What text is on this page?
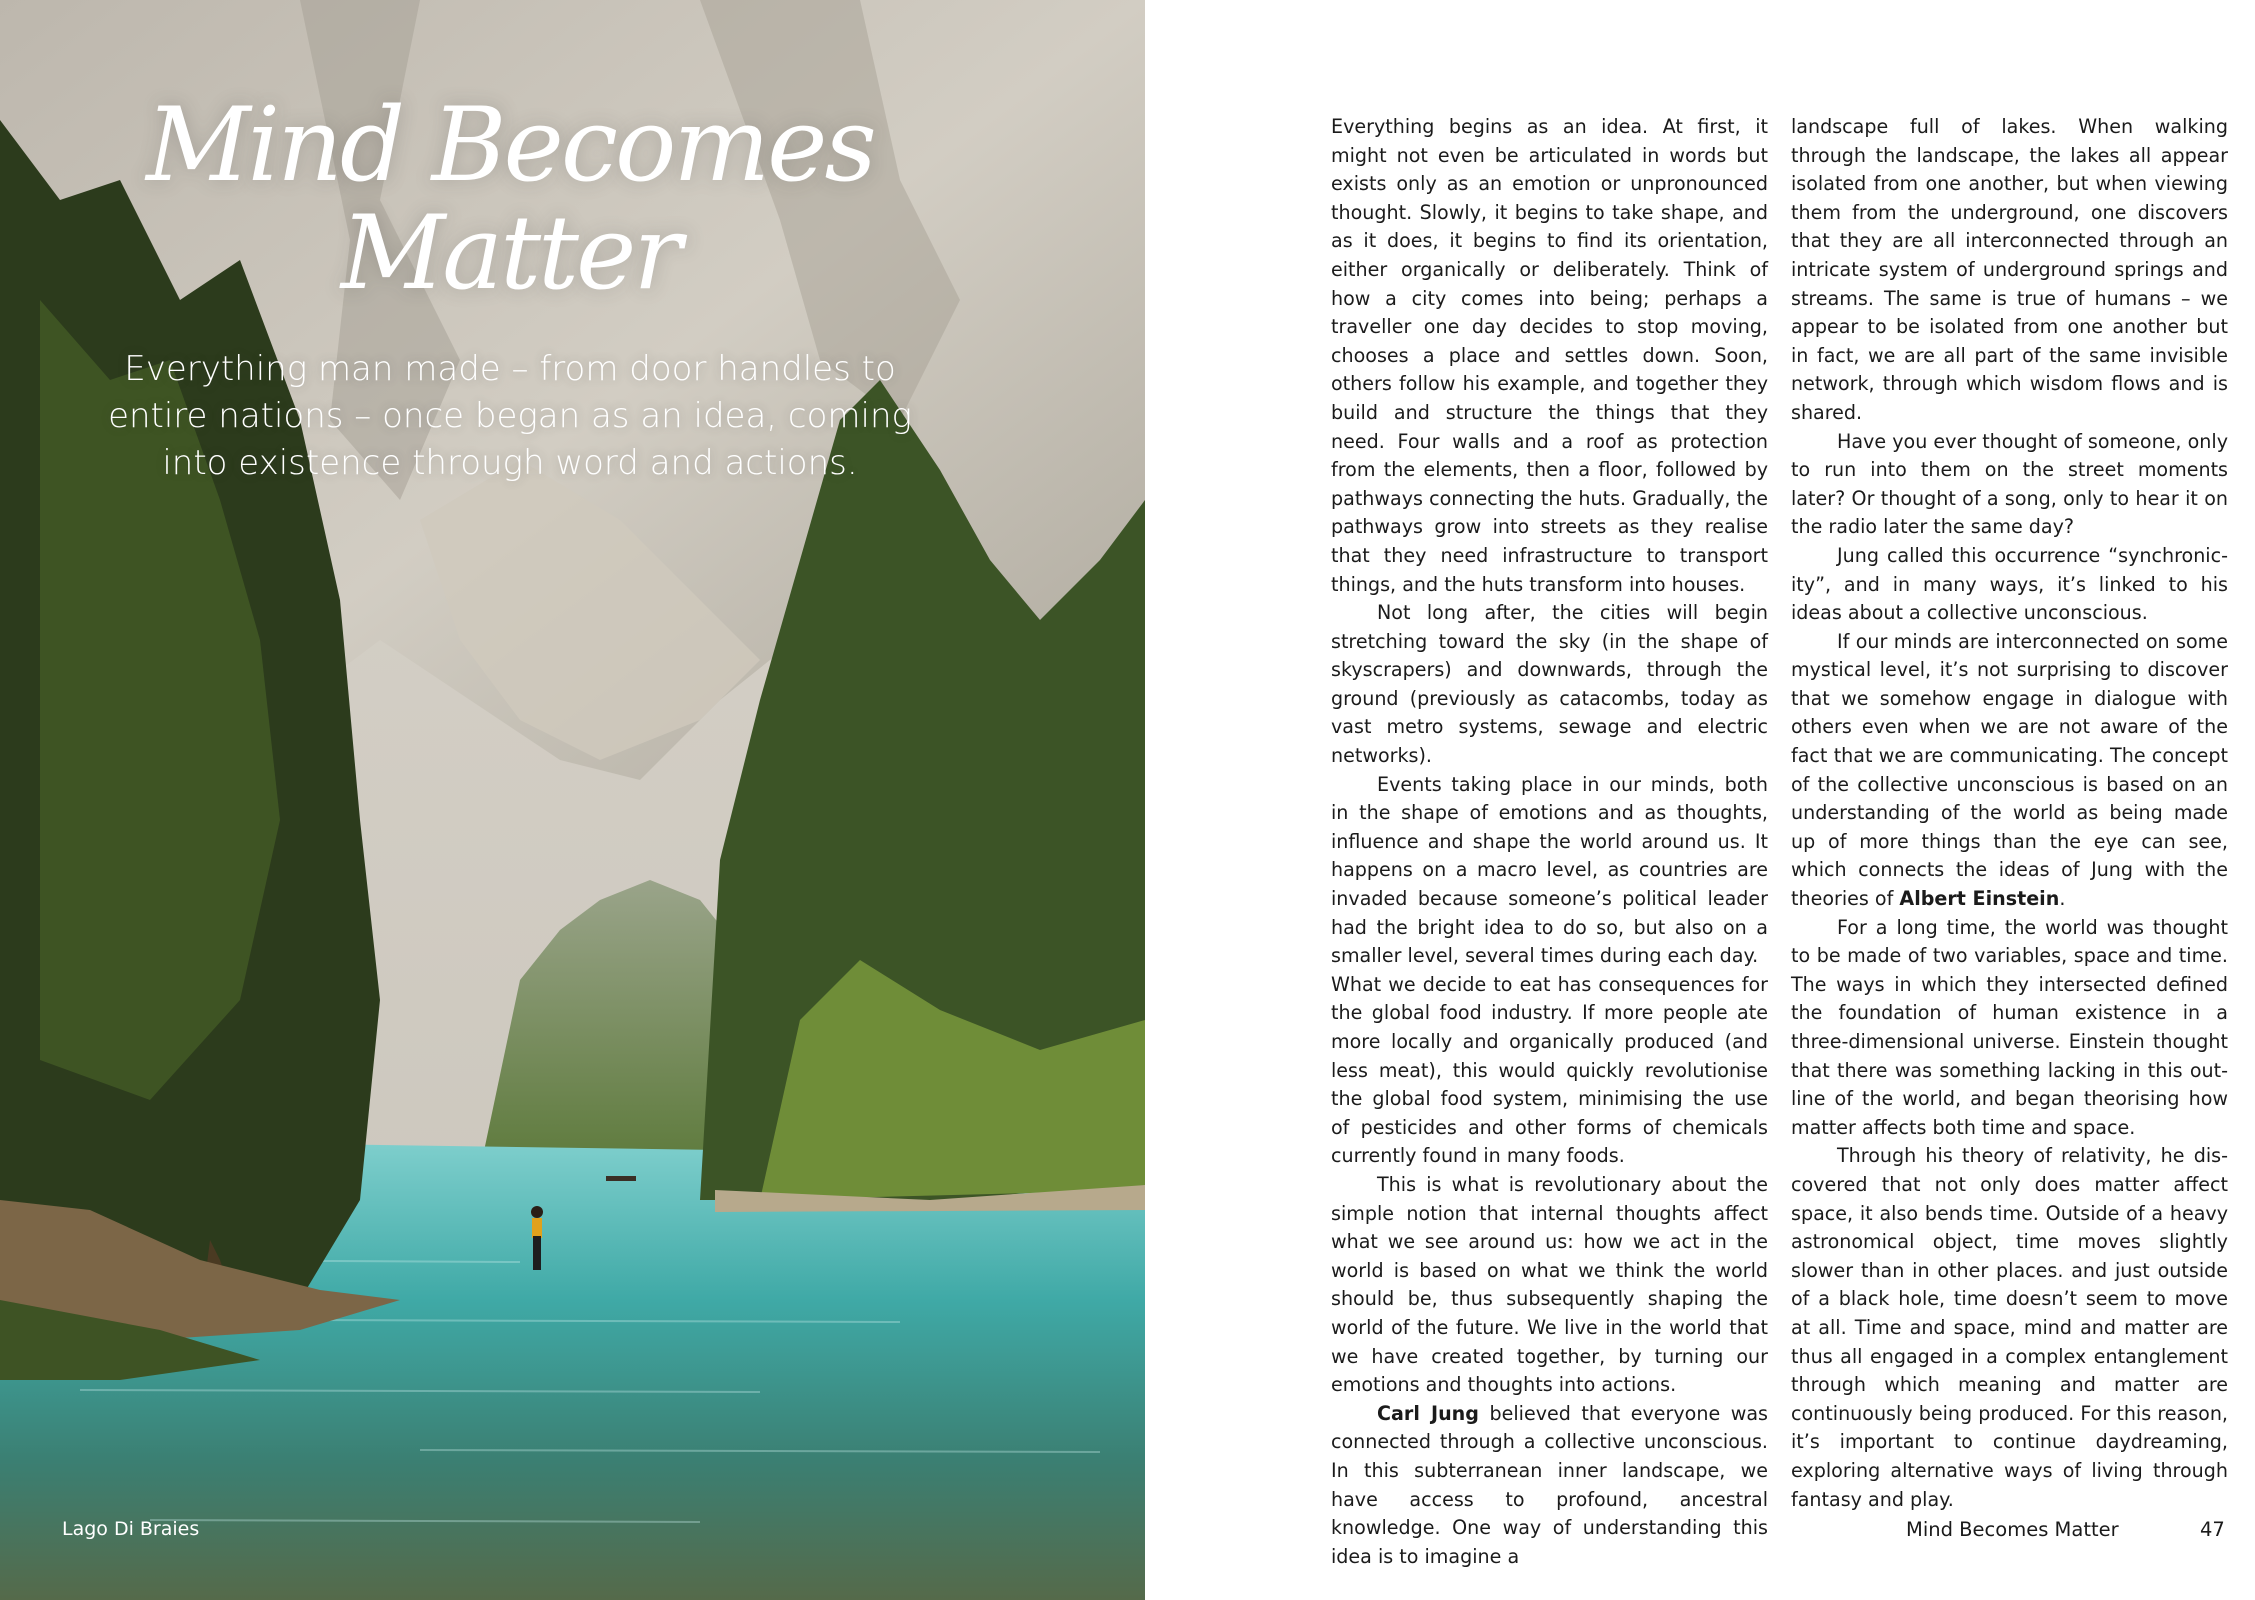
Mind Becomes
Matter

Everything man made – from door handles to entire nations – once began as an idea, coming into existence through word and actions.

Lago Di Braies

Everything begins as an idea. At first, it might not even be articulated in words but exists only as an emotion or unpronounced thought. Slowly, it begins to take shape, and as it does, it begins to find its orientation, either organically or deliberately. Think of how a city comes into being; perhaps a traveller one day decides to stop moving, chooses a place and settles down. Soon, others follow his example, and together they build and structure the things that they need. Four walls and a roof as protection from the elements, then a floor, followed by pathways connecting the huts. Gradually, the pathways grow into streets as they realise that they need infrastructure to transport things, and the huts transform into houses.

Not long after, the cities will begin stretching toward the sky (in the shape of skyscrapers) and downwards, through the ground (previously as catacombs, today as vast metro systems, sewage and electric networks).

Events taking place in our minds, both in the shape of emotions and as thoughts, influence and shape the world around us. It happens on a macro level, as countries are invaded because someone’s political leader had the bright idea to do so, but also on a smaller level, several times during each day.

What we decide to eat has consequences for the global food industry. If more people ate more locally and organically produced (and less meat), this would quickly revolutionise the global food system, minimising the use of pesticides and other forms of chemicals currently found in many foods.

This is what is revolutionary about the simple notion that internal thoughts affect what we see around us: how we act in the world is based on what we think the world should be, thus subsequently shaping the world of the future. We live in the world that we have created together, by turning our emotions and thoughts into actions.

Carl Jung believed that everyone was connected through a collective unconscious. In this subterranean inner landscape, we have access to profound, ancestral knowledge. One way of understanding this idea is to imagine a

landscape full of lakes. When walking through the landscape, the lakes all appear isolated from one another, but when viewing them from the underground, one discovers that they are all interconnected through an intricate system of underground springs and streams. The same is true of humans – we appear to be isolated from one another but in fact, we are all part of the same invisible network, through which wisdom flows and is shared.

Have you ever thought of someone, only to run into them on the street moments later? Or thought of a song, only to hear it on the radio later the same day?

Jung called this occurrence “synchronicity”, and in many ways, it’s linked to his ideas about a collective unconscious.

If our minds are interconnected on some mystical level, it’s not surprising to discover that we somehow engage in dialogue with others even when we are not aware of the fact that we are communicating. The concept of the collective unconscious is based on an understanding of the world as being made up of more things than the eye can see, which connects the ideas of Jung with the theories of Albert Einstein.

For a long time, the world was thought to be made of two variables, space and time. The ways in which they intersected defined the foundation of human existence in a three-dimensional universe. Einstein thought that there was something lacking in this outline of the world, and began theorising how matter affects both time and space.

Through his theory of relativity, he discovered that not only does matter affect space, it also bends time. Outside of a heavy astronomical object, time moves slightly slower than in other places. and just outside of a black hole, time doesn’t seem to move at all. Time and space, mind and matter are thus all engaged in a complex entanglement through which meaning and matter are continuously being produced. For this reason, it’s important to continue daydreaming, exploring alternative ways of living through fantasy and play.

Mind Becomes Matter	47
